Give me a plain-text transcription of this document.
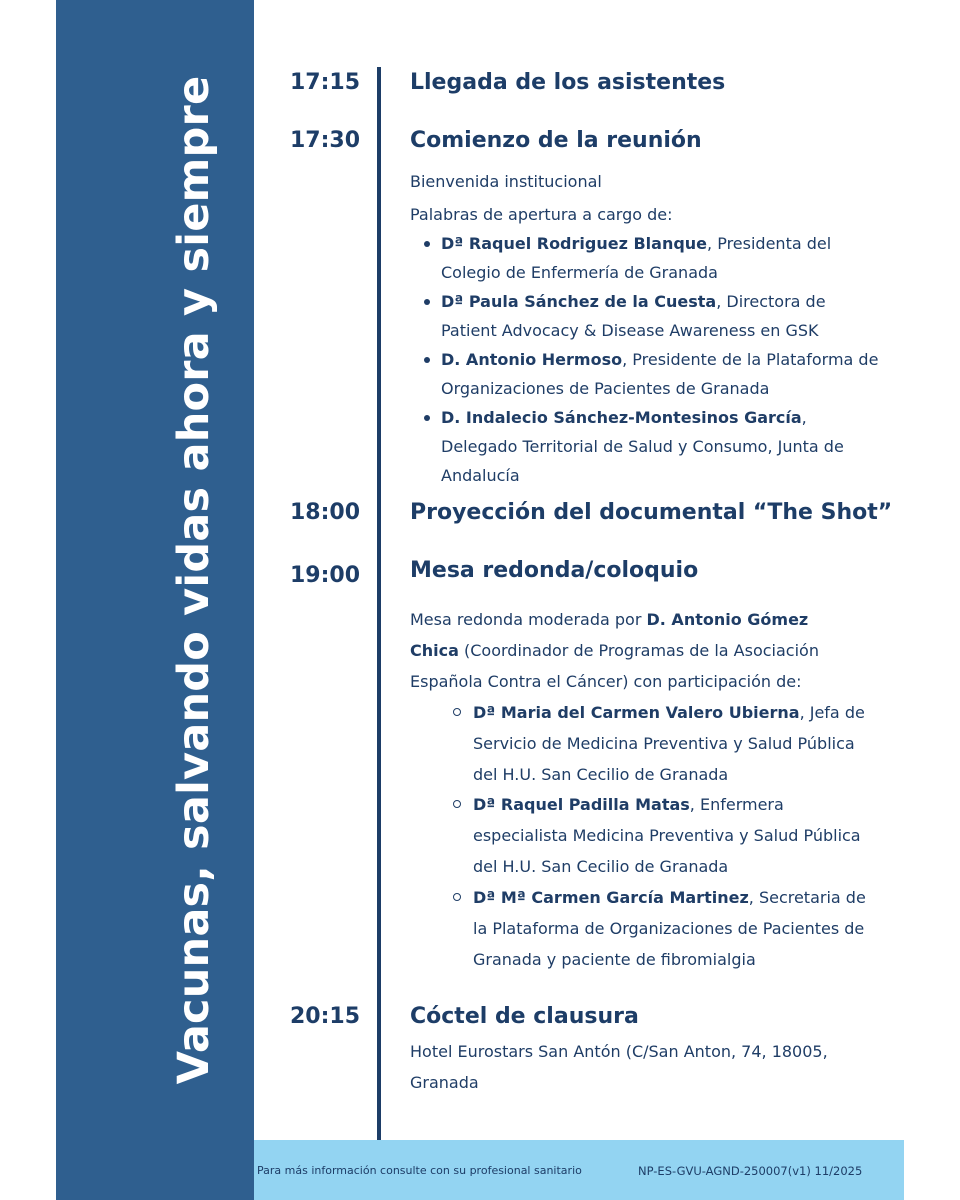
Vacunas, salvando vidas ahora y siempre	17:15 Llegada de los asistentes
17:30 Comienzo de la reunión
Bienvenida institucional
Palabras de apertura a cargo de:
Dª Raquel Rodriguez Blanque, Presidenta del Colegio de Enfermería de Granada
Dª Paula Sánchez de la Cuesta, Directora de Patient Advocacy & Disease Awareness en GSK
D. Antonio Hermoso, Presidente de la Plataforma de Organizaciones de Pacientes de Granada
D. Indalecio Sánchez-Montesinos García, Delegado Territorial de Salud y Consumo, Junta de Andalucía
18:00 Proyección del documental “The Shot”
19:00 Mesa redonda/coloquio
Mesa redonda moderada por D. Antonio Gómez Chica (Coordinador de Programas de la Asociación Española Contra el Cáncer) con participación de:
Dª Maria del Carmen Valero Ubierna, Jefa de Servicio de Medicina Preventiva y Salud Pública del H.U. San Cecilio de Granada
Dª Raquel Padilla Matas, Enfermera especialista Medicina Preventiva y Salud Pública del H.U. San Cecilio de Granada
Dª Mª Carmen García Martinez, Secretaria de la Plataforma de Organizaciones de Pacientes de Granada y paciente de fibromialgia
20:15 Cóctel de clausura
Hotel Eurostars San Antón (C/San Anton, 74, 18005, Granada
Para más información consulte con su profesional sanitario	NP-ES-GVU-AGND-250007(v1) 11/2025
